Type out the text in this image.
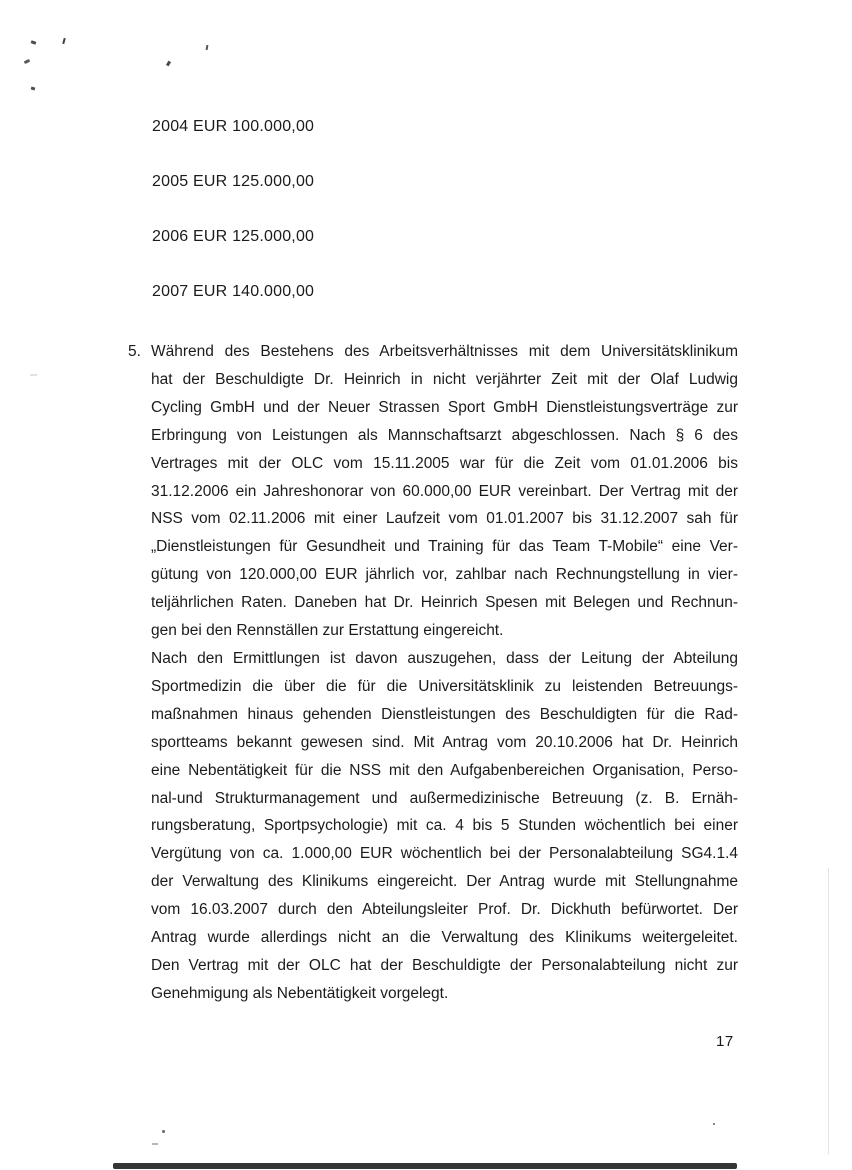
2004 EUR 100.000,00
2005 EUR 125.000,00
2006 EUR 125.000,00
2007 EUR 140.000,00
5. Während des Bestehens des Arbeitsverhältnisses mit dem Universitätsklinikum
hat der Beschuldigte Dr. Heinrich in nicht verjährter Zeit mit der Olaf Ludwig
Cycling GmbH und der Neuer Strassen Sport GmbH Dienstleistungsverträge zur
Erbringung von Leistungen als Mannschaftsarzt abgeschlossen. Nach § 6 des
Vertrages mit der OLC vom 15.11.2005 war für die Zeit vom 01.01.2006 bis
31.12.2006 ein Jahreshonorar von 60.000,00 EUR vereinbart. Der Vertrag mit der
NSS vom 02.11.2006 mit einer Laufzeit vom 01.01.2007 bis 31.12.2007 sah für
„Dienstleistungen für Gesundheit und Training für das Team T-Mobile“ eine Ver-
gütung von 120.000,00 EUR jährlich vor, zahlbar nach Rechnungstellung in vier-
teljährlichen Raten. Daneben hat Dr. Heinrich Spesen mit Belegen und Rechnun-
gen bei den Rennställen zur Erstattung eingereicht.
Nach den Ermittlungen ist davon auszugehen, dass der Leitung der Abteilung
Sportmedizin die über die für die Universitätsklinik zu leistenden Betreuungs-
maßnahmen hinaus gehenden Dienstleistungen des Beschuldigten für die Rad-
sportteams bekannt gewesen sind. Mit Antrag vom 20.10.2006 hat Dr. Heinrich
eine Nebentätigkeit für die NSS mit den Aufgabenbereichen Organisation, Perso-
nal-und Strukturmanagement und außermedizinische Betreuung (z. B. Ernäh-
rungsberatung, Sportpsychologie) mit ca. 4 bis 5 Stunden wöchentlich bei einer
Vergütung von ca. 1.000,00 EUR wöchentlich bei der Personalabteilung SG4.1.4
der Verwaltung des Klinikums eingereicht. Der Antrag wurde mit Stellungnahme
vom 16.03.2007 durch den Abteilungsleiter Prof. Dr. Dickhuth befürwortet. Der
Antrag wurde allerdings nicht an die Verwaltung des Klinikums weitergeleitet.
Den Vertrag mit der OLC hat der Beschuldigte der Personalabteilung nicht zur
Genehmigung als Nebentätigkeit vorgelegt.
17
